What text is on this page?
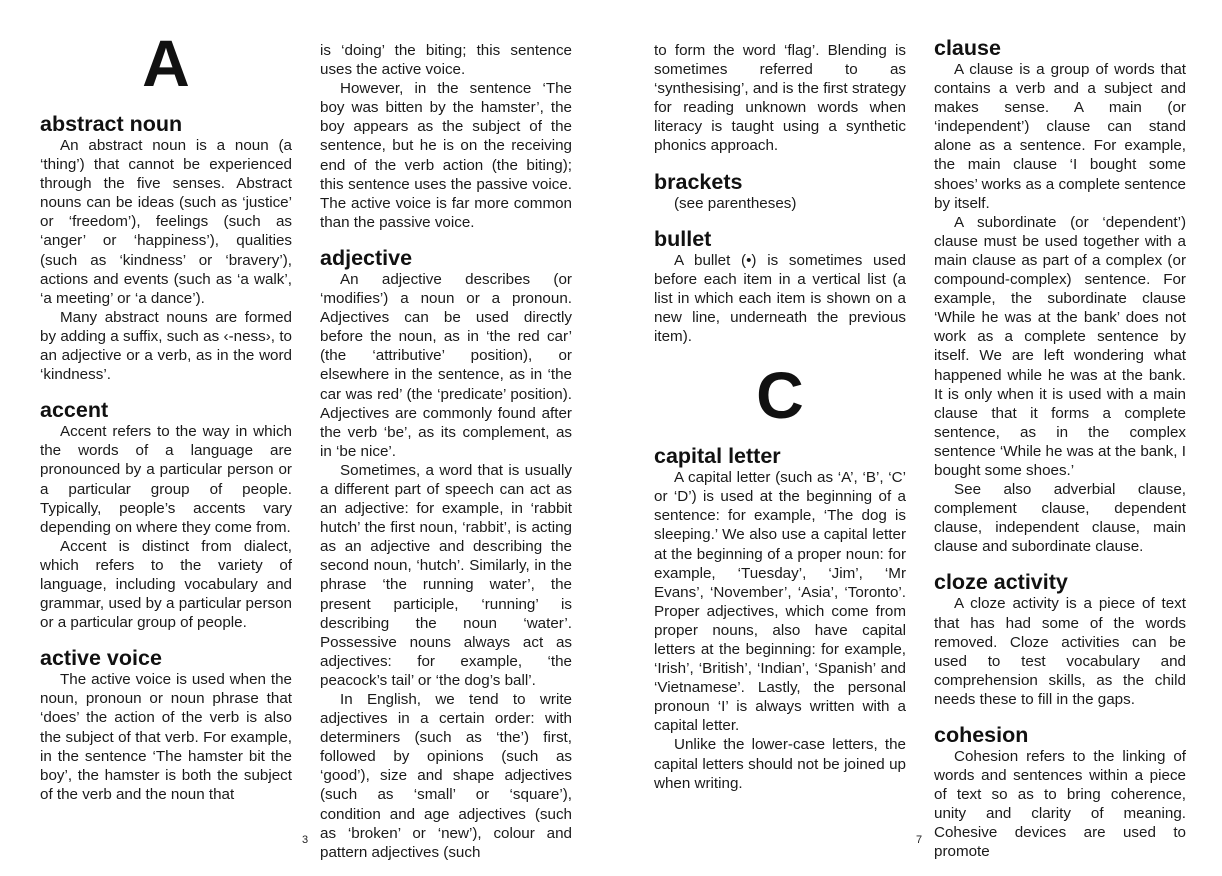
A
abstract noun

An abstract noun is a noun (a ‘thing’) that cannot be experienced through the five senses. Abstract nouns can be ideas (such as ‘justice’ or ‘freedom’), feelings (such as ‘anger’ or ‘happiness’), qualities (such as ‘kindness’ or ‘bravery’), actions and events (such as ‘a walk’, ‘a meeting’ or ‘a dance’).

Many abstract nouns are formed by adding a suffix, such as ‹-ness›, to an adjective or a verb, as in the word ‘kindness’.

accent

Accent refers to the way in which the words of a language are pronounced by a particular person or a particular group of people. Typically, people’s accents vary depending on where they come from.

Accent is distinct from dialect, which refers to the variety of language, including vocabulary and grammar, used by a particular person or a particular group of people.

active voice

The active voice is used when the noun, pronoun or noun phrase that ‘does’ the action of the verb is also the subject of that verb. For example, in the sentence ‘The hamster bit the boy’, the hamster is both the subject of the verb and the noun that

is ‘doing’ the biting; this sentence uses the active voice.

However, in the sentence ‘The boy was bitten by the hamster’, the boy appears as the subject of the sentence, but he is on the receiving end of the verb action (the biting); this sentence uses the passive voice. The active voice is far more common than the passive voice.

adjective

An adjective describes (or ‘modifies’) a noun or a pronoun. Adjectives can be used directly before the noun, as in ‘the red car’ (the ‘attributive’ position), or elsewhere in the sentence, as in ‘the car was red’ (the ‘predicate’ position). Adjectives are commonly found after the verb ‘be’, as its complement, as in ‘be nice’.

Sometimes, a word that is usually a different part of speech can act as an adjective: for example, in ‘rabbit hutch’ the first noun, ‘rabbit’, is acting as an adjective and describing the second noun, ‘hutch’. Similarly, in the phrase ‘the running water’, the present participle, ‘running’ is describing the noun ‘water’. Possessive nouns always act as adjectives: for example, ‘the peacock’s tail’ or ‘the dog’s ball’.

In English, we tend to write adjectives in a certain order: with determiners (such as ‘the’) first, followed by opinions (such as ‘good’), size and shape adjectives (such as ‘small’ or ‘square’), condition and age adjectives (such as ‘broken’ or ‘new’), colour and pattern adjectives (such

3

to form the word ‘flag’. Blending is sometimes referred to as ‘synthesising’, and is the first strategy for reading unknown words when literacy is taught using a synthetic phonics approach.

brackets

(see parentheses)

bullet

A bullet (•) is sometimes used before each item in a vertical list (a list in which each item is shown on a new line, underneath the previous item).

C
capital letter

A capital letter (such as ‘A’, ‘B’, ‘C’ or ‘D’) is used at the beginning of a sentence: for example, ‘The dog is sleeping.’ We also use a capital letter at the beginning of a proper noun: for example, ‘Tuesday’, ‘Jim’, ‘Mr Evans’, ‘November’, ‘Asia’, ‘Toronto’. Proper adjectives, which come from proper nouns, also have capital letters at the beginning: for example, ‘Irish’, ‘British’, ‘Indian’, ‘Spanish’ and ‘Vietnamese’. Lastly, the personal pronoun ‘I’ is always written with a capital letter.

Unlike the lower-case letters, the capital letters should not be joined up when writing.

clause

A clause is a group of words that contains a verb and a subject and makes sense. A main (or ‘independent’) clause can stand alone as a sentence. For example, the main clause ‘I bought some shoes’ works as a complete sentence by itself.

A subordinate (or ‘dependent’) clause must be used together with a main clause as part of a complex (or compound-complex) sentence. For example, the subordinate clause ‘While he was at the bank’ does not work as a complete sentence by itself. We are left wondering what happened while he was at the bank. It is only when it is used with a main clause that it forms a complete sentence, as in the complex sentence ‘While he was at the bank, I bought some shoes.’

See also adverbial clause, complement clause, dependent clause, independent clause, main clause and subordinate clause.

cloze activity

A cloze activity is a piece of text that has had some of the words removed. Cloze activities can be used to test vocabulary and comprehension skills, as the child needs these to fill in the gaps.

cohesion

Cohesion refers to the linking of words and sentences within a piece of text so as to bring coherence, unity and clarity of meaning. Cohesive devices are used to promote

7
